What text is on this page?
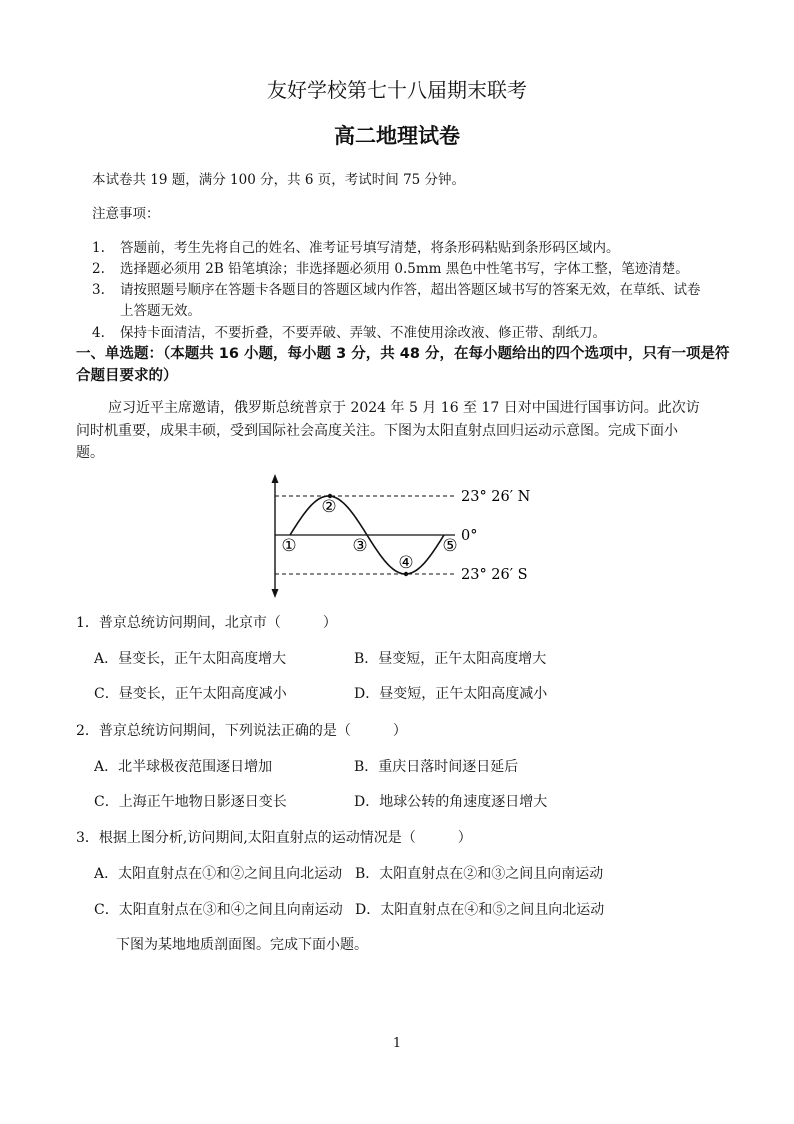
友好学校第七十八届期末联考
高二地理试卷
本试卷共 19 题，满分 100 分，共 6 页，考试时间 75 分钟。
注意事项：
1. 答题前，考生先将自己的姓名、准考证号填写清楚，将条形码粘贴到条形码区域内。
2. 选择题必须用 2B 铅笔填涂；非选择题必须用 0.5mm 黑色中性笔书写，字体工整，笔迹清楚。
3. 请按照题号顺序在答题卡各题目的答题区域内作答，超出答题区域书写的答案无效，在草纸、试卷
上答题无效。
4. 保持卡面清洁，不要折叠，不要弄破、弄皱、不准使用涂改液、修正带、刮纸刀。
一、单选题：（本题共 16 小题，每小题 3 分，共 48 分，在每小题给出的四个选项中，只有一项是符
合题目要求的）
应习近平主席邀请，俄罗斯总统普京于 2024 年 5 月 16 至 17 日对中国进行国事访问。此次访
问时机重要，成果丰硕，受到国际社会高度关注。下图为太阳直射点回归运动示意图。完成下面小
题。
①
②
③
④
⑤
23° 26′ N
0°
23° 26′ S
1．普京总统访问期间，北京市（　　　）
A．昼变长，正午太阳高度增大	B．昼变短，正午太阳高度增大
C．昼变长，正午太阳高度减小	D．昼变短，正午太阳高度减小
2．普京总统访问期间，下列说法正确的是（　　　）
A．北半球极夜范围逐日增加	B．重庆日落时间逐日延后
C．上海正午地物日影逐日变长	D．地球公转的角速度逐日增大
3．根据上图分析,访问期间,太阳直射点的运动情况是（　　　）
A．太阳直射点在①和②之间且向北运动 B．太阳直射点在②和③之间且向南运动
C．太阳直射点在③和④之间且向南运动 D．太阳直射点在④和⑤之间且向北运动
下图为某地地质剖面图。完成下面小题。
1
